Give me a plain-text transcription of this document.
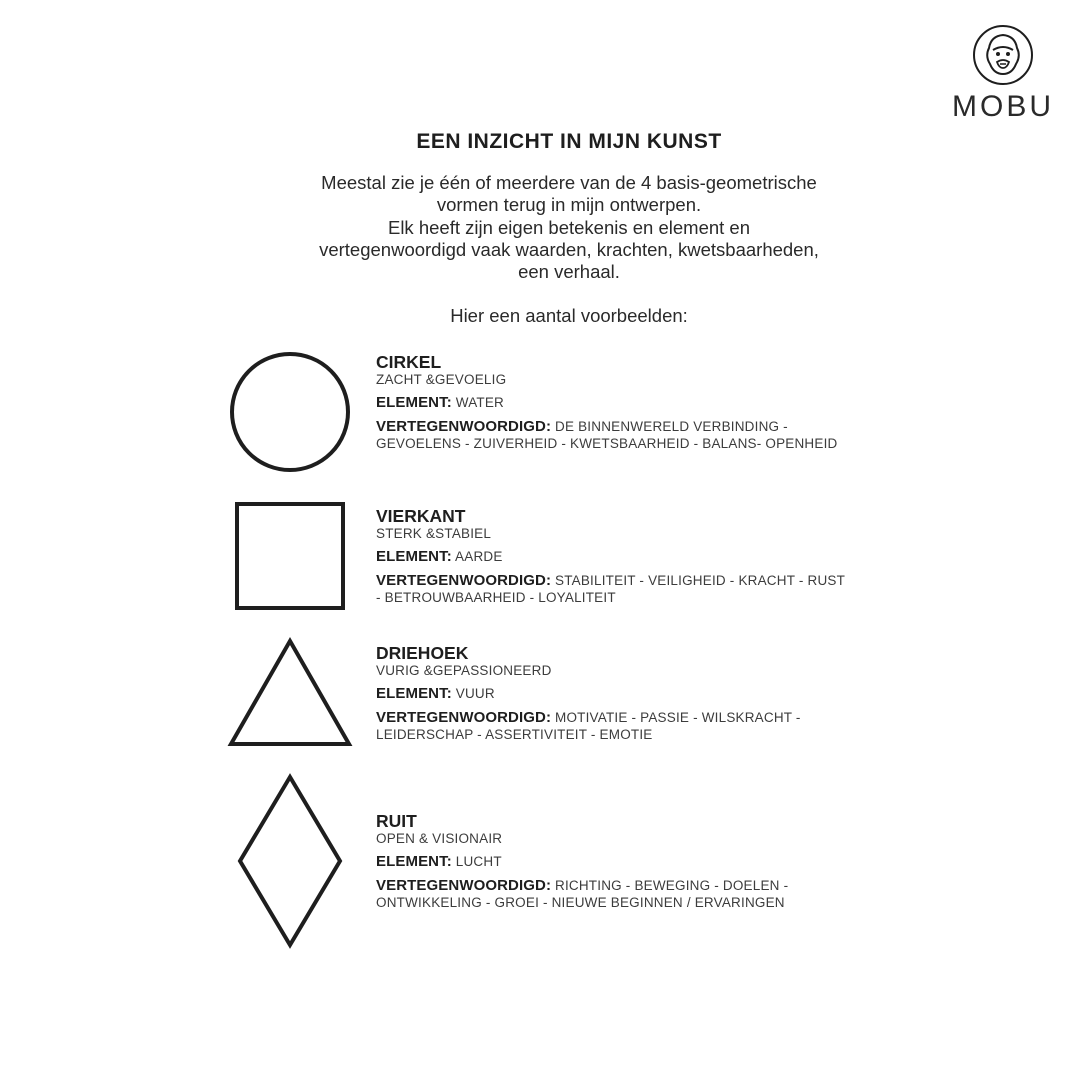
MOBU
EEN INZICHT IN MIJN KUNST

Meestal zie je één of meerdere van de 4 basis-geometrische

vormen terug in mijn ontwerpen.

Elk heeft zijn eigen betekenis en element en

vertegenwoordigd vaak waarden, krachten, kwetsbaarheden,

een verhaal.

Hier een aantal voorbeelden:

CIRKEL
ZACHT &GEVOELIG
ELEMENT: WATER
VERTEGENWOORDIGD: DE BINNENWERELD VERBINDING - GEVOELENS - ZUIVERHEID - KWETSBAARHEID - BALANS- OPENHEID
VIERKANT
STERK &STABIEL
ELEMENT: AARDE
VERTEGENWOORDIGD: STABILITEIT - VEILIGHEID - KRACHT - RUST - BETROUWBAARHEID - LOYALITEIT
DRIEHOEK
VURIG &GEPASSIONEERD
ELEMENT: VUUR
VERTEGENWOORDIGD: MOTIVATIE - PASSIE - WILSKRACHT - LEIDERSCHAP - ASSERTIVITEIT - EMOTIE
RUIT
OPEN & VISIONAIR
ELEMENT: LUCHT
VERTEGENWOORDIGD: RICHTING - BEWEGING - DOELEN - ONTWIKKELING - GROEI - NIEUWE BEGINNEN / ERVARINGEN
